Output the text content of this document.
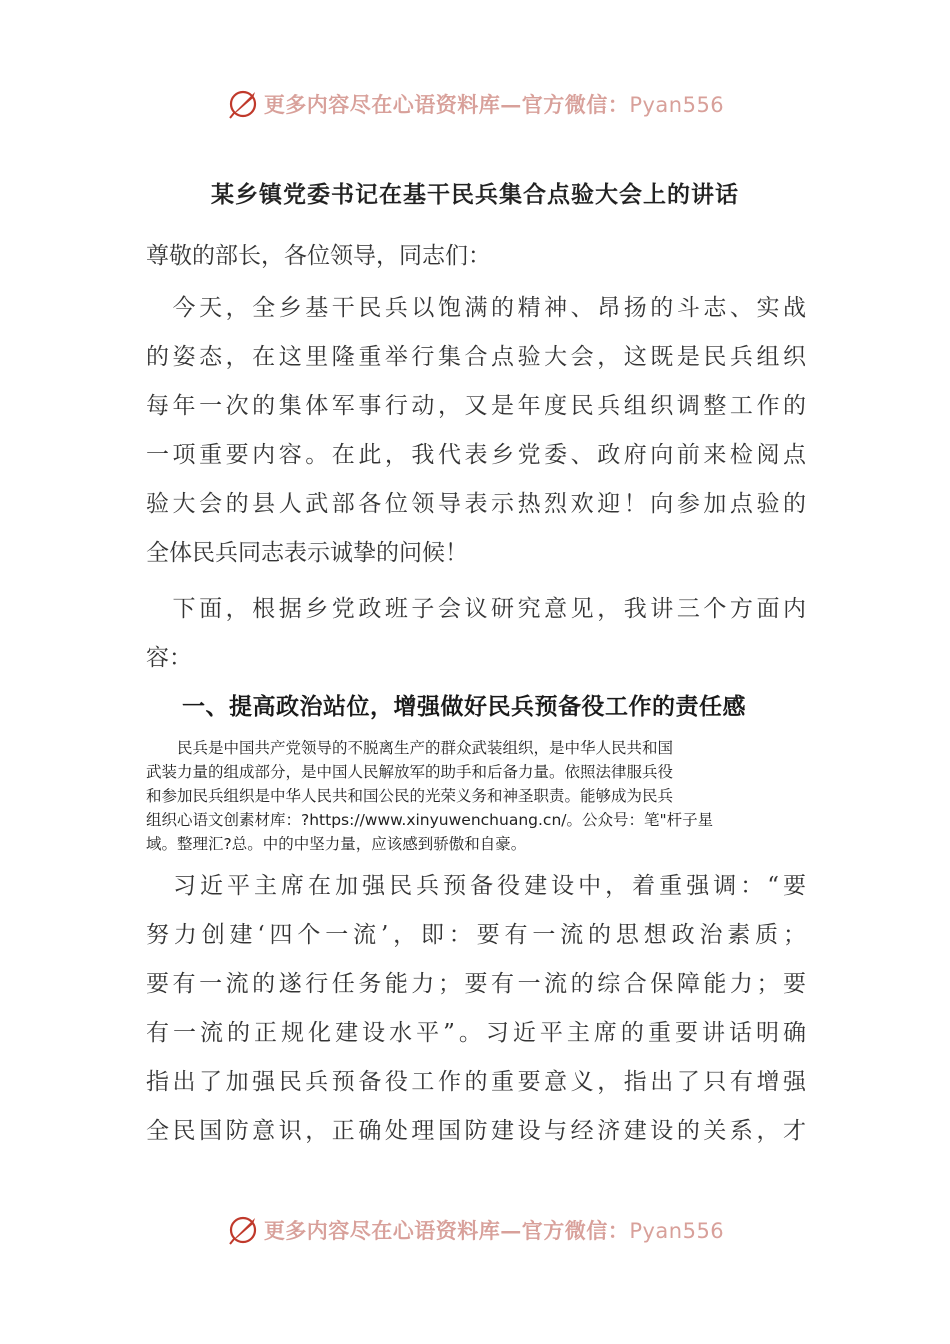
更多内容尽在心语资料库—官方微信：Pyan556
某乡镇党委书记在基干民兵集合点验大会上的讲话
尊敬的部长，各位领导，同志们：
　今天，全乡基干民兵以饱满的精神、昂扬的斗志、实战
的姿态，在这里隆重举行集合点验大会，这既是民兵组织
每年一次的集体军事行动，又是年度民兵组织调整工作的
一项重要内容。在此，我代表乡党委、政府向前来检阅点
验大会的县人武部各位领导表示热烈欢迎！向参加点验的
全体民兵同志表示诚挚的问候！
　下面，根据乡党政班子会议研究意见，我讲三个方面内
容：
一、提高政治站位，增强做好民兵预备役工作的责任感
　　民兵是中国共产党领导的不脱离生产的群众武装组织，是中华人民共和国
武装力量的组成部分，是中国人民解放军的助手和后备力量。依照法律服兵役
和参加民兵组织是中华人民共和国公民的光荣义务和神圣职责。能够成为民兵
组织心语文创素材库：?https://www.xinyuwenchuang.cn/。公众号：笔"杆子星
域。整理汇?总。中的中坚力量，应该感到骄傲和自豪。
　习近平主席在加强民兵预备役建设中，着重强调：“要
努力创建‘四个一流’，即：要有一流的思想政治素质；
要有一流的遂行任务能力；要有一流的综合保障能力；要
有一流的正规化建设水平”。习近平主席的重要讲话明确
指出了加强民兵预备役工作的重要意义，指出了只有增强
全民国防意识，正确处理国防建设与经济建设的关系，才
更多内容尽在心语资料库—官方微信：Pyan556
